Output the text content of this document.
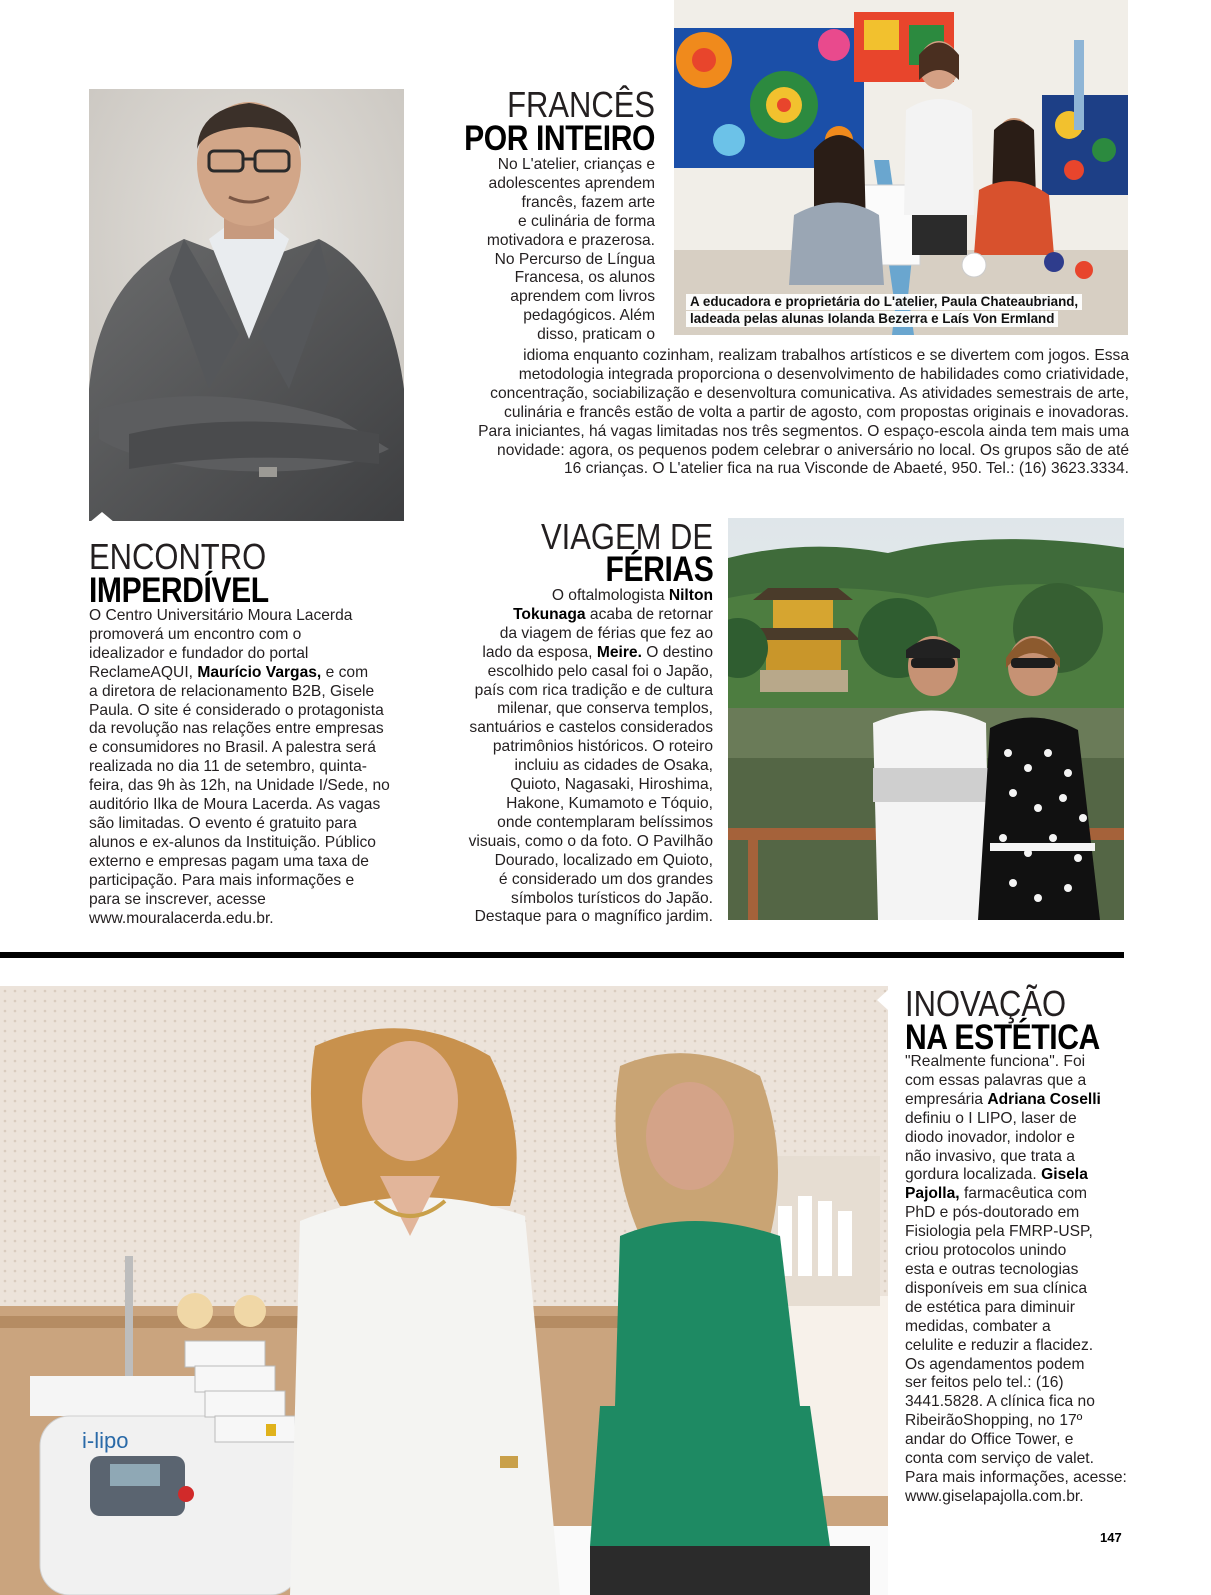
A educadora e proprietária do L'atelier, Paula Chateaubriand,
ladeada pelas alunas Iolanda Bezerra e Laís Von Ermland
FRANCÊS
POR INTEIRO
No L'atelier, crianças e
adolescentes aprendem
francês, fazem arte
e culinária de forma
motivadora e prazerosa.
No Percurso de Língua
Francesa, os alunos
aprendem com livros
pedagógicos. Além
disso, praticam o
idioma enquanto cozinham, realizam trabalhos artísticos e se divertem com jogos. Essa
metodologia integrada proporciona o desenvolvimento de habilidades como criatividade,
concentração, sociabilização e desenvoltura comunicativa. As atividades semestrais de arte,
culinária e francês estão de volta a partir de agosto, com propostas originais e inovadoras.
Para iniciantes, há vagas limitadas nos três segmentos. O espaço-escola ainda tem mais uma
novidade: agora, os pequenos podem celebrar o aniversário no local. Os grupos são de até
16 crianças. O L'atelier fica na rua Visconde de Abaeté, 950. Tel.: (16) 3623.3334.
ENCONTRO
IMPERDÍVEL
O Centro Universitário Moura Lacerda
promoverá um encontro com o
idealizador e fundador do portal
ReclameAQUI, Maurício Vargas, e com
a diretora de relacionamento B2B, Gisele
Paula. O site é considerado o protagonista
da revolução nas relações entre empresas
e consumidores no Brasil. A palestra será
realizada no dia 11 de setembro, quinta-
feira, das 9h às 12h, na Unidade I/Sede, no
auditório Ilka de Moura Lacerda. As vagas
são limitadas. O evento é gratuito para
alunos e ex-alunos da Instituição. Público
externo e empresas pagam uma taxa de
participação. Para mais informações e
para se inscrever, acesse
www.mouralacerda.edu.br.
VIAGEM DE
FÉRIAS
O oftalmologista Nilton
Tokunaga acaba de retornar
da viagem de férias que fez ao
lado da esposa, Meire. O destino
escolhido pelo casal foi o Japão,
país com rica tradição e de cultura
milenar, que conserva templos,
santuários e castelos considerados
patrimônios históricos. O roteiro
incluiu as cidades de Osaka,
Quioto, Nagasaki, Hiroshima,
Hakone, Kumamoto e Tóquio,
onde contemplaram belíssimos
visuais, como o da foto. O Pavilhão
Dourado, localizado em Quioto,
é considerado um dos grandes
símbolos turísticos do Japão.
Destaque para o magnífico jardim.
i-lipo
INOVAÇÃO
NA ESTÉTICA
"Realmente funciona". Foi
com essas palavras que a
empresária Adriana Coselli
definiu o I LIPO, laser de
diodo inovador, indolor e
não invasivo, que trata a
gordura localizada. Gisela
Pajolla, farmacêutica com
PhD e pós-doutorado em
Fisiologia pela FMRP-USP,
criou protocolos unindo
esta e outras tecnologias
disponíveis em sua clínica
de estética para diminuir
medidas, combater a
celulite e reduzir a flacidez.
Os agendamentos podem
ser feitos pelo tel.: (16)
3441.5828. A clínica fica no
RibeirãoShopping, no 17º
andar do Office Tower, e
conta com serviço de valet.
Para mais informações, acesse:
www.giselapajolla.com.br.
147
